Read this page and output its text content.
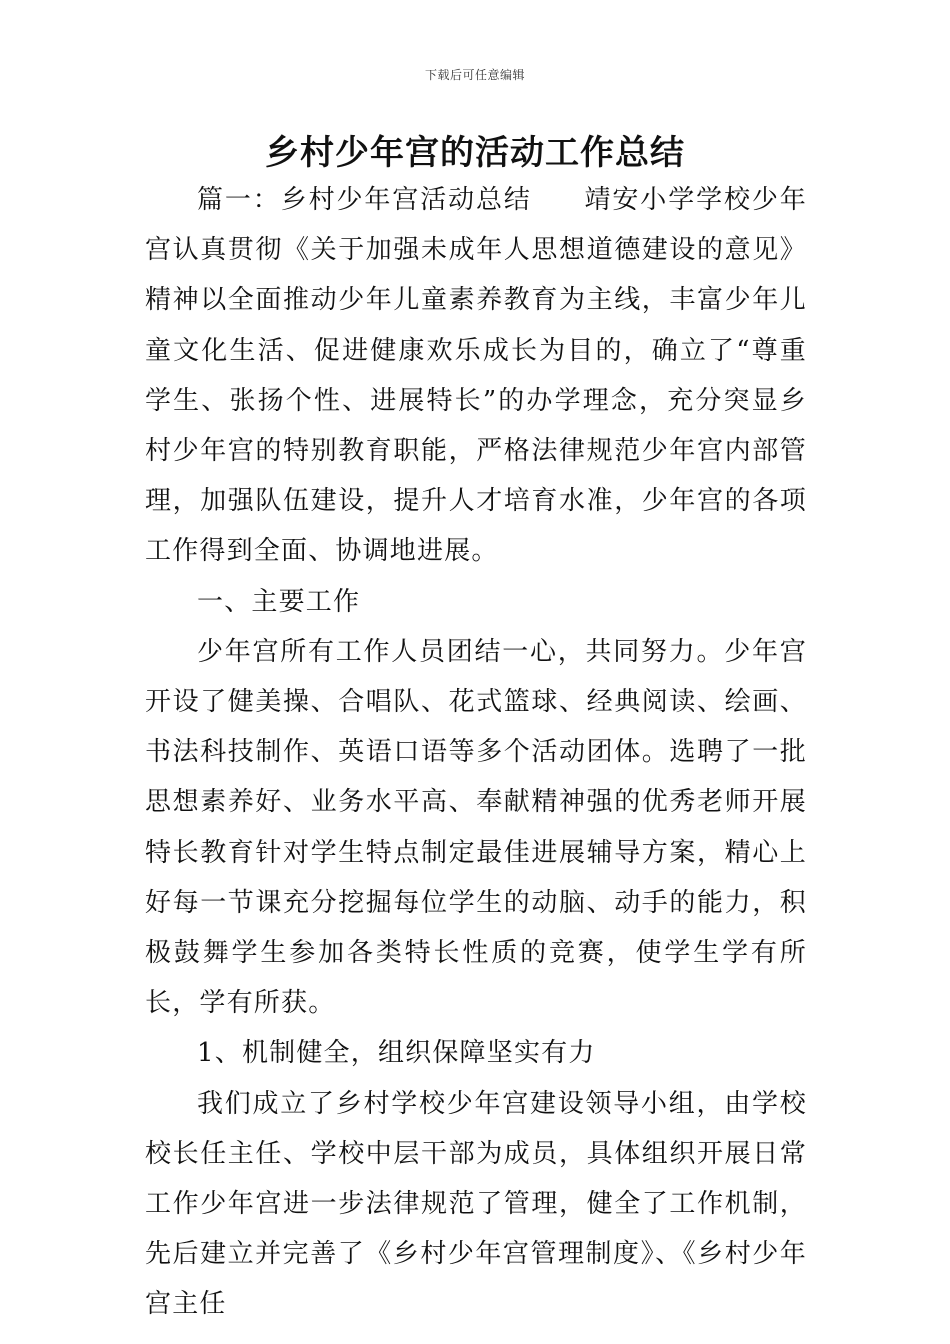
下载后可任意编辑
乡村少年宫的活动工作总结

篇一：乡村少年宫活动总结 靖安小学学校少年宫认真贯彻《关于加强未成年人思想道德建设的意见》精神以全面推动少年儿童素养教育为主线，丰富少年儿童文化生活、促进健康欢乐成长为目的，确立了“尊重学生、张扬个性、进展特长”的办学理念，充分突显乡村少年宫的特别教育职能，严格法律规范少年宫内部管理，加强队伍建设，提升人才培育水准，少年宫的各项工作得到全面、协调地进展。

一、主要工作

少年宫所有工作人员团结一心，共同努力。少年宫开设了健美操、合唱队、花式篮球、经典阅读、绘画、书法科技制作、英语口语等多个活动团体。选聘了一批思想素养好、业务水平高、奉献精神强的优秀老师开展特长教育针对学生特点制定最佳进展辅导方案，精心上好每一节课充分挖掘每位学生的动脑、动手的能力，积极鼓舞学生参加各类特长性质的竞赛，使学生学有所长，学有所获。

1、机制健全，组织保障坚实有力

我们成立了乡村学校少年宫建设领导小组，由学校校长任主任、学校中层干部为成员，具体组织开展日常工作少年宫进一步法律规范了管理，健全了工作机制，先后建立并完善了《乡村少年宫管理制度》、《乡村少年宫主任
